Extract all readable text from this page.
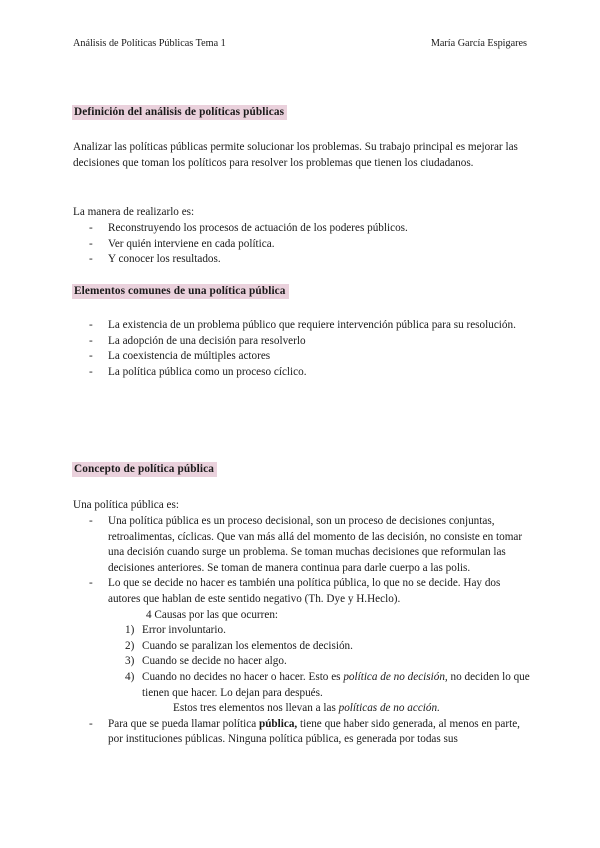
Análisis de Políticas Públicas Tema 1	María García Espigares
Definición del análisis de políticas públicas
Analizar las políticas públicas permite solucionar los problemas. Su trabajo principal es mejorar las decisiones que toman los políticos para resolver los problemas que tienen los ciudadanos.
La manera de realizarlo es:
- Reconstruyendo los procesos de actuación de los poderes públicos.
- Ver quién interviene en cada política.
- Y conocer los resultados.
Elementos comunes de una política pública
- La existencia de un problema público que requiere intervención pública para su resolución.
- La adopción de una decisión para resolverlo
- La coexistencia de múltiples actores
- La política pública como un proceso cíclico.
Concepto de política pública
Una política pública es:
- Una política pública es un proceso decisional, son un proceso de decisiones conjuntas, retroalimentas, cíclicas. Que van más allá del momento de las decisión, no consiste en tomar una decisión cuando surge un problema. Se toman muchas decisiones que reformulan las decisiones anteriores. Se toman de manera continua para darle cuerpo a las polis.
- Lo que se decide no hacer es también una política pública, lo que no se decide. Hay dos autores que hablan de este sentido negativo (Th. Dye y H.Heclo).
4 Causas por las que ocurren:
1) Error involuntario.
2) Cuando se paralizan los elementos de decisión.
3) Cuando se decide no hacer algo.
4) Cuando no decides no hacer o hacer. Esto es política de no decisión, no deciden lo que tienen que hacer. Lo dejan para después.
Estos tres elementos nos llevan a las políticas de no acción.
- Para que se pueda llamar política pública, tiene que haber sido generada, al menos en parte, por instituciones públicas. Ninguna política pública, es generada por todas sus
